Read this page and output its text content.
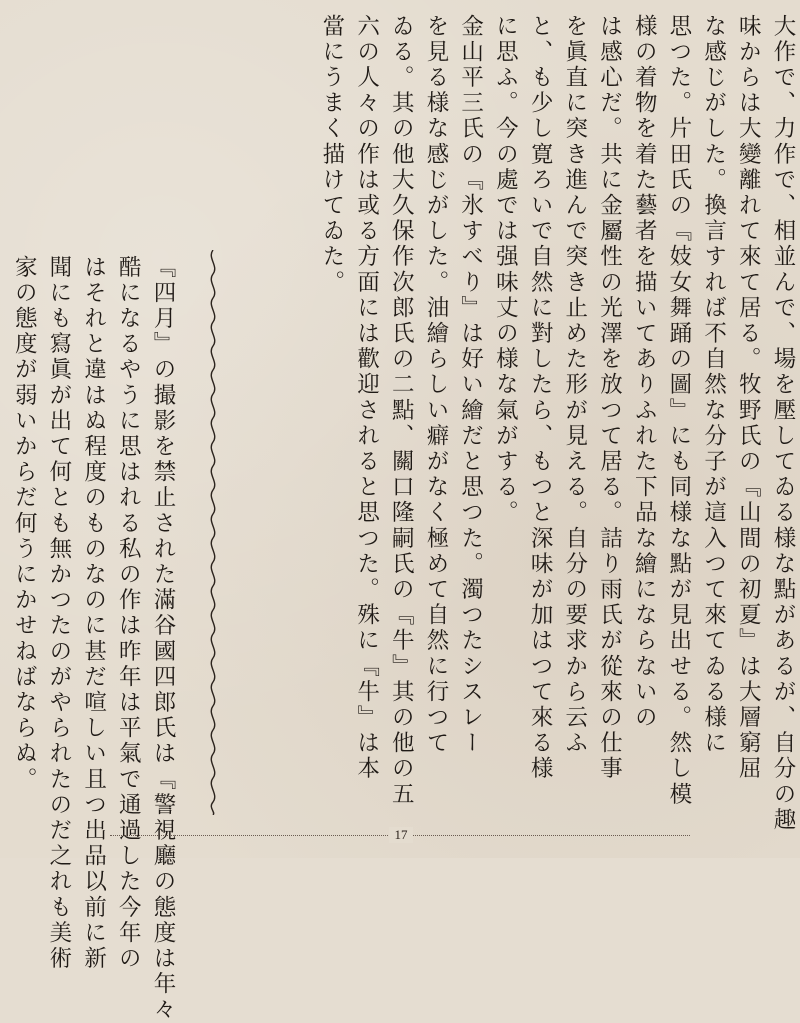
大作で、力作で、相並んで、場を壓してゐる様な點があるが、自分の趣
味からは大變離れて來て居る。牧野氏の『山間の初夏』は大層窮屈
な感じがした。換言すれば不自然な分子が這入つて來てゐる様に
思つた。片田氏の『妓女舞踊の圖』にも同様な點が見出せる。然し模
様の着物を着た藝者を描いてありふれた下品な繪にならないの
は感心だ。共に金屬性の光澤を放つて居る。詰り雨氏が從來の仕事
を眞直に突き進んで突き止めた形が見える。自分の要求から云ふ
と、も少し寛ろいで自然に對したら、もつと深味が加はつて來る様
に思ふ。今の處では强味丈の様な氣がする。
金山平三氏の『氷すべり』は好い繪だと思つた。濁つたシスレー
を見る様な感じがした。油繪らしい癖がなく極めて自然に行つて
ゐる。其の他大久保作次郎氏の二點、關口隆嗣氏の『牛』其の他の五
六の人々の作は或る方面には歡迎されると思つた。殊に『牛』は本
當にうまく描けてゐた。
『四月』の撮影を禁止された滿谷國四郎氏は『警視廳の態度は年々
酷になるやうに思はれる私の作は昨年は平氣で通過した今年の
はそれと違はぬ程度のものなのに甚だ喧しい且つ出品以前に新
聞にも寫眞が出て何とも無かつたのがやられたのだ之れも美術
家の態度が弱いからだ何うにかせねばならぬ。
17
